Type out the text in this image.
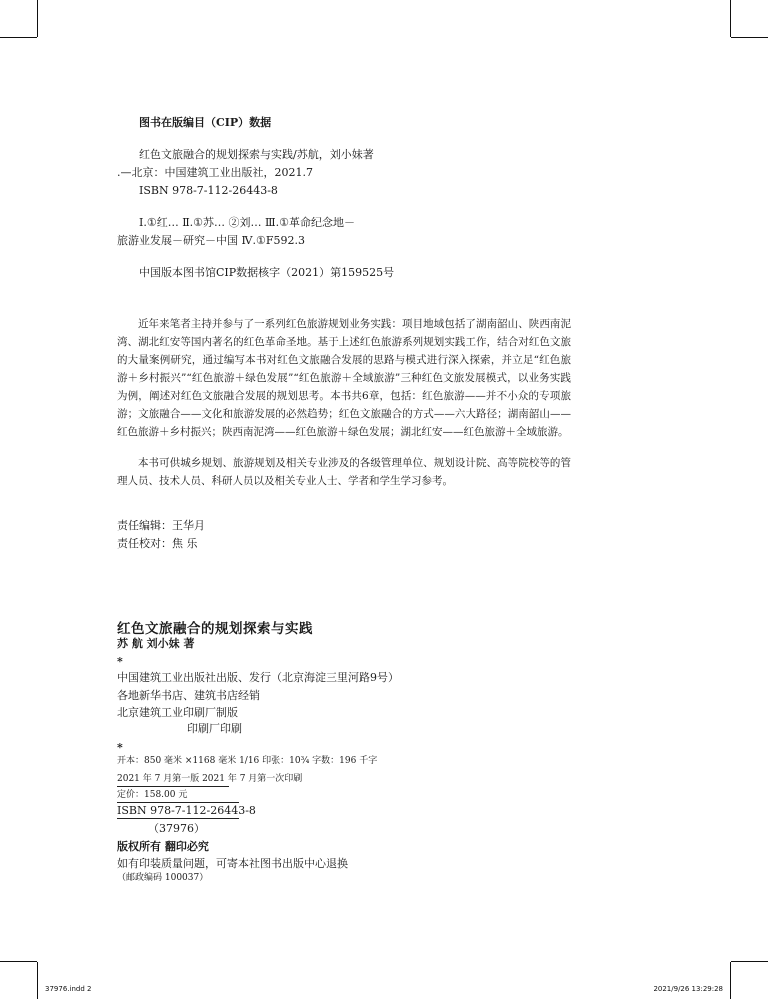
图书在版编目（CIP）数据
红色文旅融合的规划探索与实践/苏航，刘小妹著
.—北京：中国建筑工业出版社，2021.7
ISBN 978-7-112-26443-8
Ⅰ.①红… Ⅱ.①苏… ②刘… Ⅲ.①革命纪念地－
旅游业发展－研究－中国 Ⅳ.①F592.3
中国版本图书馆CIP数据核字（2021）第159525号

近年来笔者主持并参与了一系列红色旅游规划业务实践：项目地域包括了湖南韶山、陕西南泥湾、湖北红安等国内著名的红色革命圣地。基于上述红色旅游系列规划实践工作，结合对红色文旅的大量案例研究，通过编写本书对红色文旅融合发展的思路与模式进行深入探索，并立足“红色旅游＋乡村振兴”“红色旅游＋绿色发展”“红色旅游＋全域旅游”三种红色文旅发展模式，以业务实践为例，阐述对红色文旅融合发展的规划思考。本书共6章，包括：红色旅游——并不小众的专项旅游；文旅融合——文化和旅游发展的必然趋势；红色文旅融合的方式——六大路径；湖南韶山——红色旅游＋乡村振兴；陕西南泥湾——红色旅游＋绿色发展；湖北红安——红色旅游＋全域旅游。

本书可供城乡规划、旅游规划及相关专业涉及的各级管理单位、规划设计院、高等院校等的管理人员、技术人员、科研人员以及相关专业人士、学者和学生学习参考。

责任编辑：王华月
责任校对：焦 乐
红色文旅融合的规划探索与实践
苏 航 刘小妹 著
*
中国建筑工业出版社出版、发行（北京海淀三里河路9号）
各地新华书店、建筑书店经销
北京建筑工业印刷厂制版
印刷厂印刷
*
开本：850 毫米 ×1168 毫米 1/16 印张：10¾ 字数：196 千字
2021 年 7 月第一版 2021 年 7 月第一次印刷
定价：158.00 元
ISBN 978-7-112-26443-8
（37976）
版权所有 翻印必究
如有印装质量问题，可寄本社图书出版中心退换
（邮政编码 100037）
37976.indd 2	2021/9/26 13:29:28
